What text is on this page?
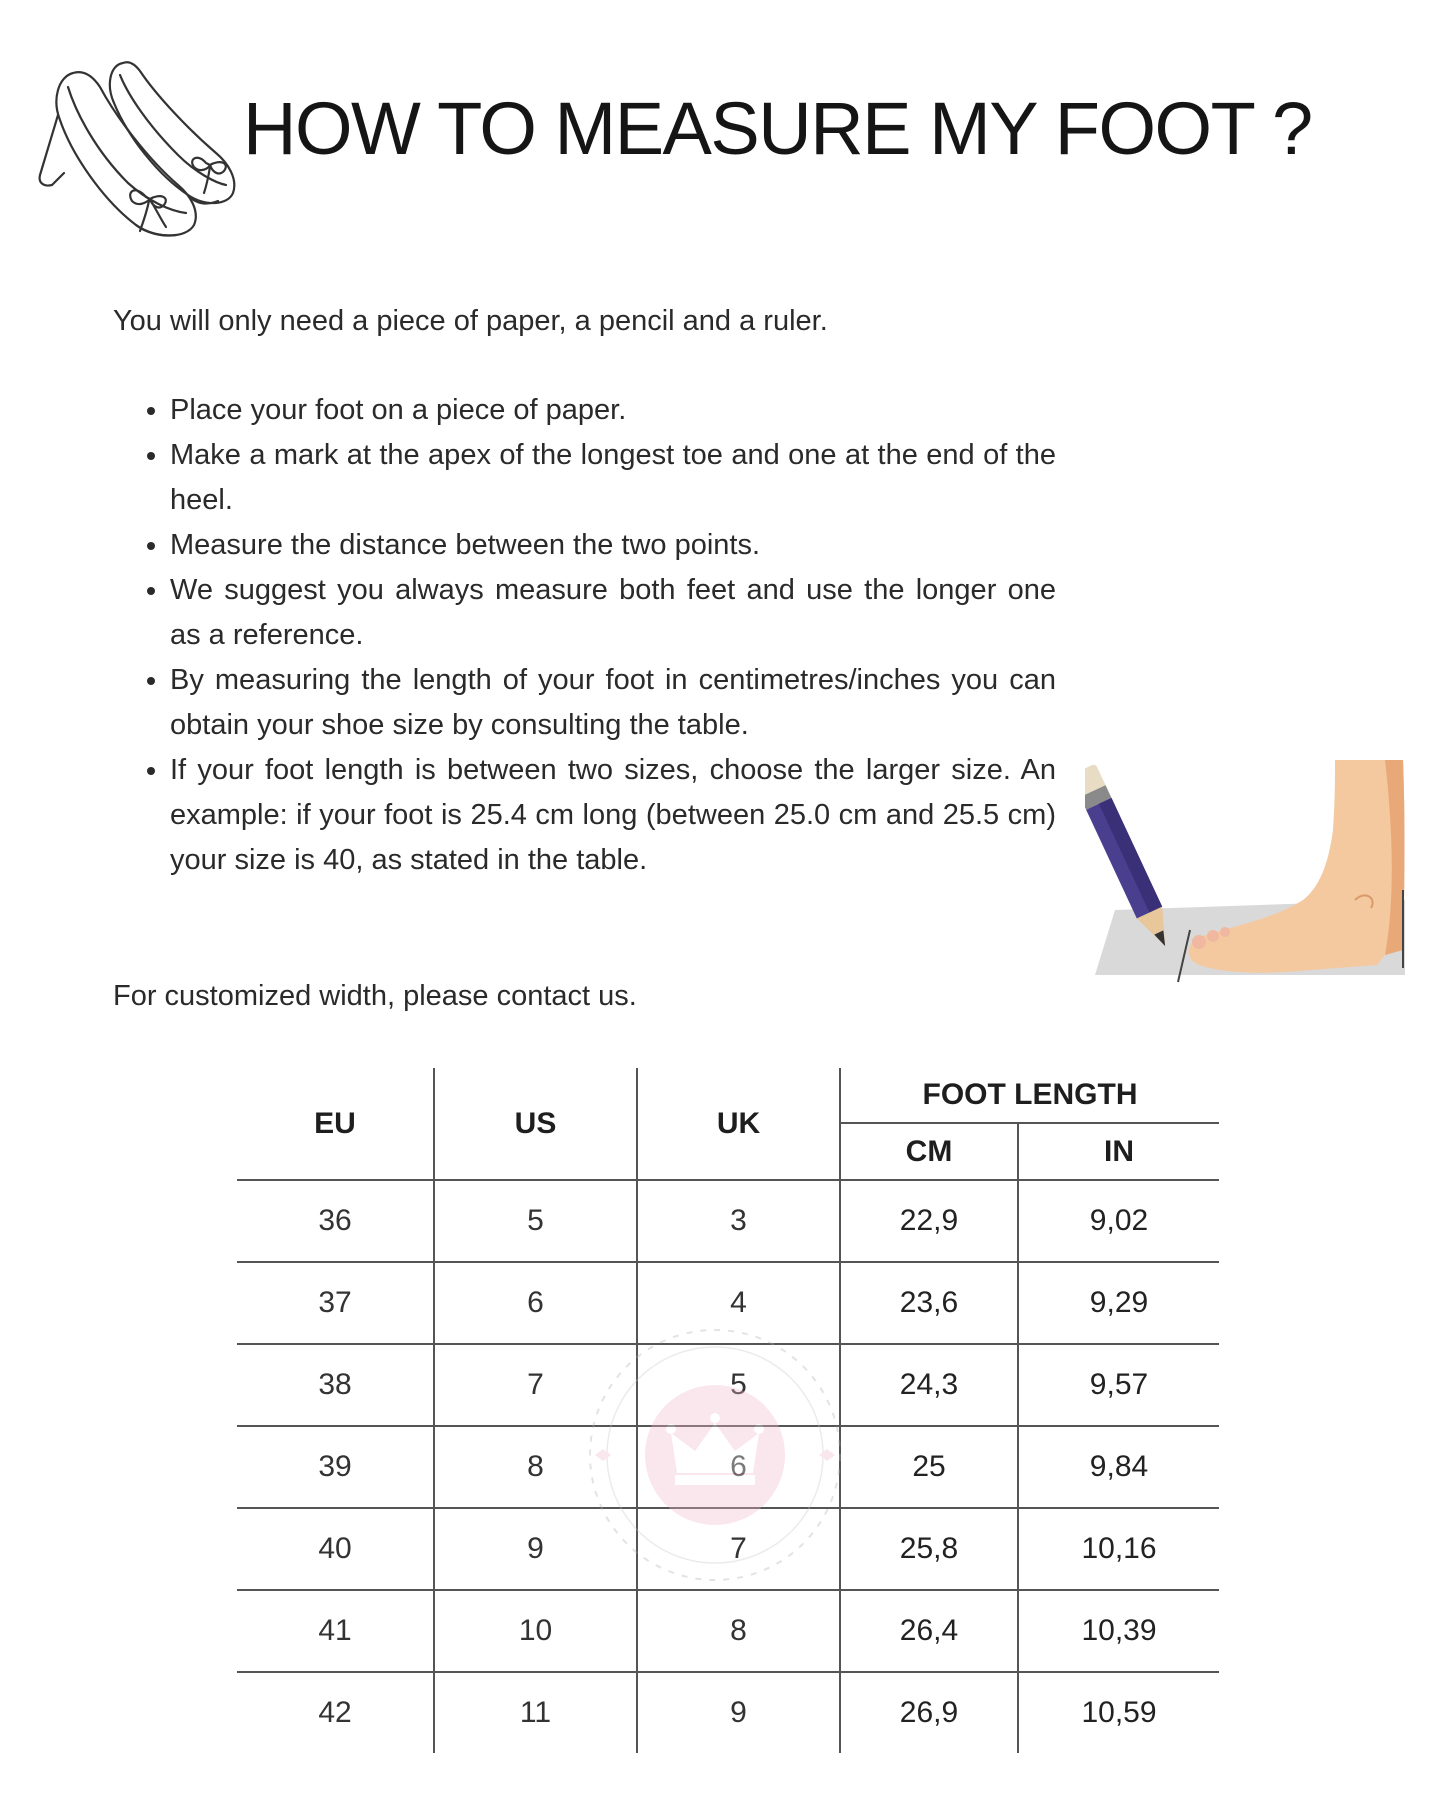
HOW TO MEASURE MY FOOT ?
You will only need a piece of paper, a pencil and a ruler.
• Place your foot on a piece of paper.
• Make a mark at the apex of the longest toe and one at the end of the heel.
• Measure the distance between the two points.
• We suggest you always measure both feet and use the longer one as a reference.
• By measuring the length of your foot in centimetres/inches you can obtain your shoe size by consulting the table.
• If your foot length is between two sizes, choose the larger size. An example: if your foot is 25.4 cm long (between 25.0 cm and 25.5 cm) your size is 40, as stated in the table.
For customized width, please contact us.
EU	US	UK	FOOT LENGTH	
			CM	IN
36	5	3	22,9	9,02
37	6	4	23,6	9,29
38	7	5	24,3	9,57
39	8	6	25	9,84
40	9	7	25,8	10,16
41	10	8	26,4	10,39
42	11	9	26,9	10,59
